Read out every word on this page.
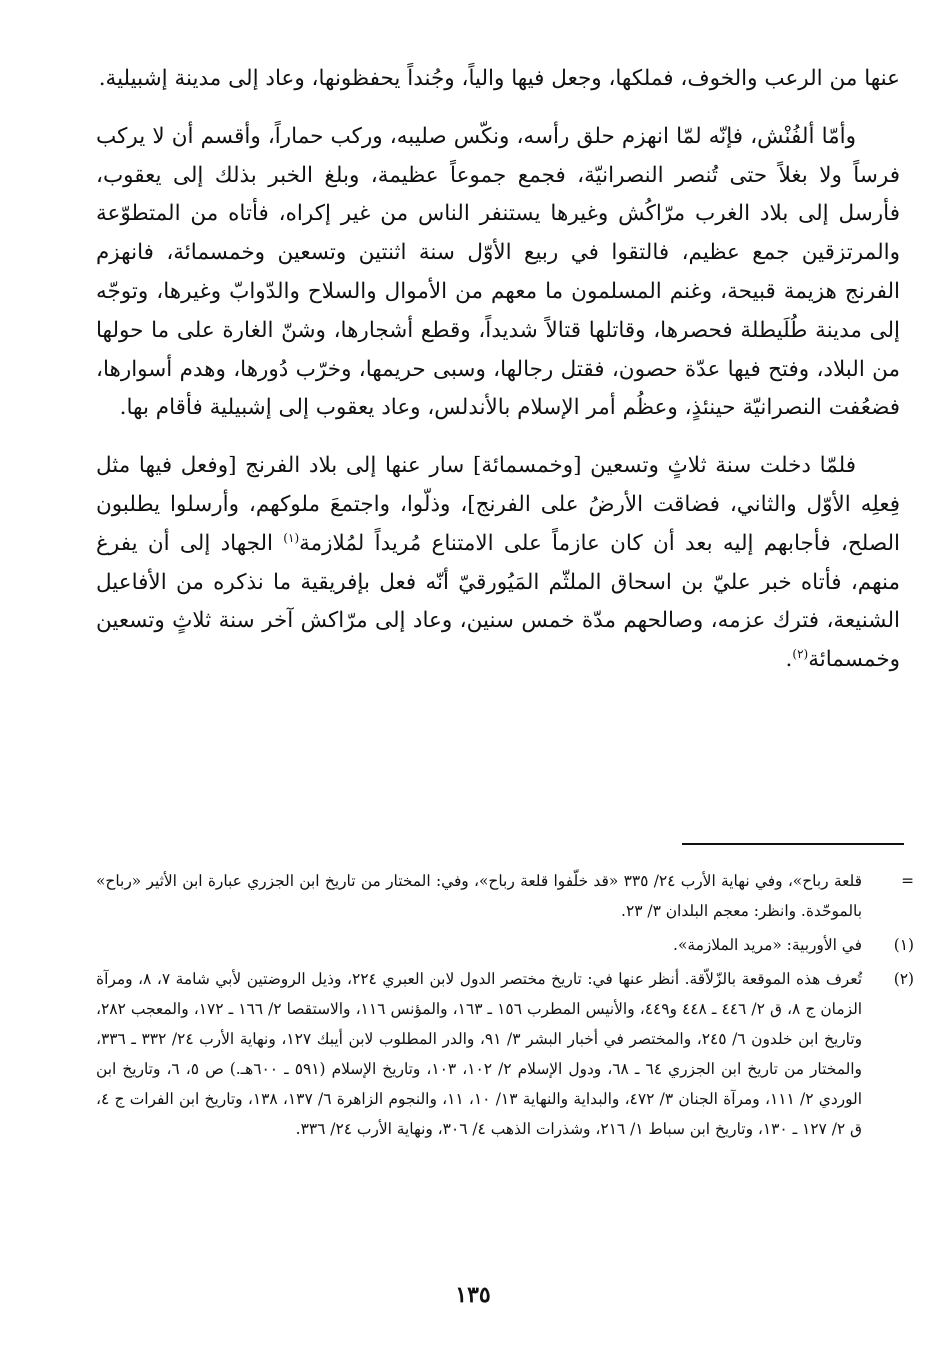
عنها من الرعب والخوف، فملكها، وجعل فيها والياً، وجُنداً يحفظونها، وعاد إلى مدينة إشبيلية.

وأمّا ألفُنْش، فإنّه لمّا انهزم حلق رأسه، ونكّس صليبه، وركب حماراً، وأقسم أن لا يركب فرساً ولا بغلاً حتى تُنصر النصرانيّة، فجمع جموعاً عظيمة، وبلغ الخبر بذلك إلى يعقوب، فأرسل إلى بلاد الغرب مرّاكُش وغيرها يستنفر الناس من غير إكراه، فأتاه من المتطوّعة والمرتزقين جمع عظيم، فالتقوا في ربيع الأوّل سنة اثنتين وتسعين وخمسمائة، فانهزم الفرنج هزيمة قبيحة، وغنم المسلمون ما معهم من الأموال والسلاح والدّوابّ وغيرها، وتوجّه إلى مدينة طُلَيطلة فحصرها، وقاتلها قتالاً شديداً، وقطع أشجارها، وشنّ الغارة على ما حولها من البلاد، وفتح فيها عدّة حصون، فقتل رجالها، وسبى حريمها، وخرّب دُورها، وهدم أسوارها، فضعُفت النصرانيّة حينئذٍ، وعظُم أمر الإسلام بالأندلس، وعاد يعقوب إلى إشبيلية فأقام بها.

فلمّا دخلت سنة ثلاثٍ وتسعين [وخمسمائة] سار عنها إلى بلاد الفرنج [وفعل فيها مثل فِعلِه الأوّل والثاني، فضاقت الأرضُ على الفرنج]، وذلّوا، واجتمعَ ملوكهم، وأرسلوا يطلبون الصلح، فأجابهم إليه بعد أن كان عازماً على الامتناع مُريداً لمُلازمة$^{(١)}$ الجهاد إلى أن يفرغ منهم، فأتاه خبر عليّ بن اسحاق الملثّم المَيُورقيّ أنّه فعل بإفريقية ما نذكره من الأفاعيل الشنيعة، فترك عزمه، وصالحهم مدّة خمس سنين، وعاد إلى مرّاكش آخر سنة ثلاثٍ وتسعين وخمسمائة$^{(٢)}$.

=
قلعة رباح»، وفي نهاية الأرب ٢٤/ ٣٣٥ «قد خلّفوا قلعة رباح»، وفي: المختار من تاريخ ابن الجزري عبارة ابن الأثير «رباح» بالموحّدة. وانظر: معجم البلدان ٣/ ٢٣.
(١)
في الأوربية: «مريد الملازمة».
(٢)
تُعرف هذه الموقعة بالزّلاّقة. أنظر عنها في: تاريخ مختصر الدول لابن العبري ٢٢٤، وذيل الروضتين لأبي شامة ٧، ٨، ومرآة الزمان ج ٨، ق ٢/ ٤٤٦ ـ ٤٤٨ و٤٤٩، والأنيس المطرب ١٥٦ ـ ١٦٣، والمؤنس ١١٦، والاستقصا ٢/ ١٦٦ ـ ١٧٢، والمعجب ٢٨٢، وتاريخ ابن خلدون ٦/ ٢٤٥، والمختصر في أخبار البشر ٣/ ٩١، والدر المطلوب لابن أيبك ١٢٧، ونهاية الأرب ٢٤/ ٣٣٢ ـ ٣٣٦، والمختار من تاريخ ابن الجزري ٦٤ ـ ٦٨، ودول الإسلام ٢/ ١٠٢، ١٠٣، وتاريخ الإسلام (٥٩١ ـ ٦٠٠هـ.) ص ٥، ٦، وتاريخ ابن الوردي ٢/ ١١١، ومرآة الجنان ٣/ ٤٧٢، والبداية والنهاية ١٣/ ١٠، ١١، والنجوم الزاهرة ٦/ ١٣٧، ١٣٨، وتاريخ ابن الفرات ج ٤، ق ٢/ ١٢٧ ـ ١٣٠، وتاريخ ابن سباط ١/ ٢١٦، وشذرات الذهب ٤/ ٣٠٦، ونهاية الأرب ٢٤/ ٣٣٦.
١٣٥
